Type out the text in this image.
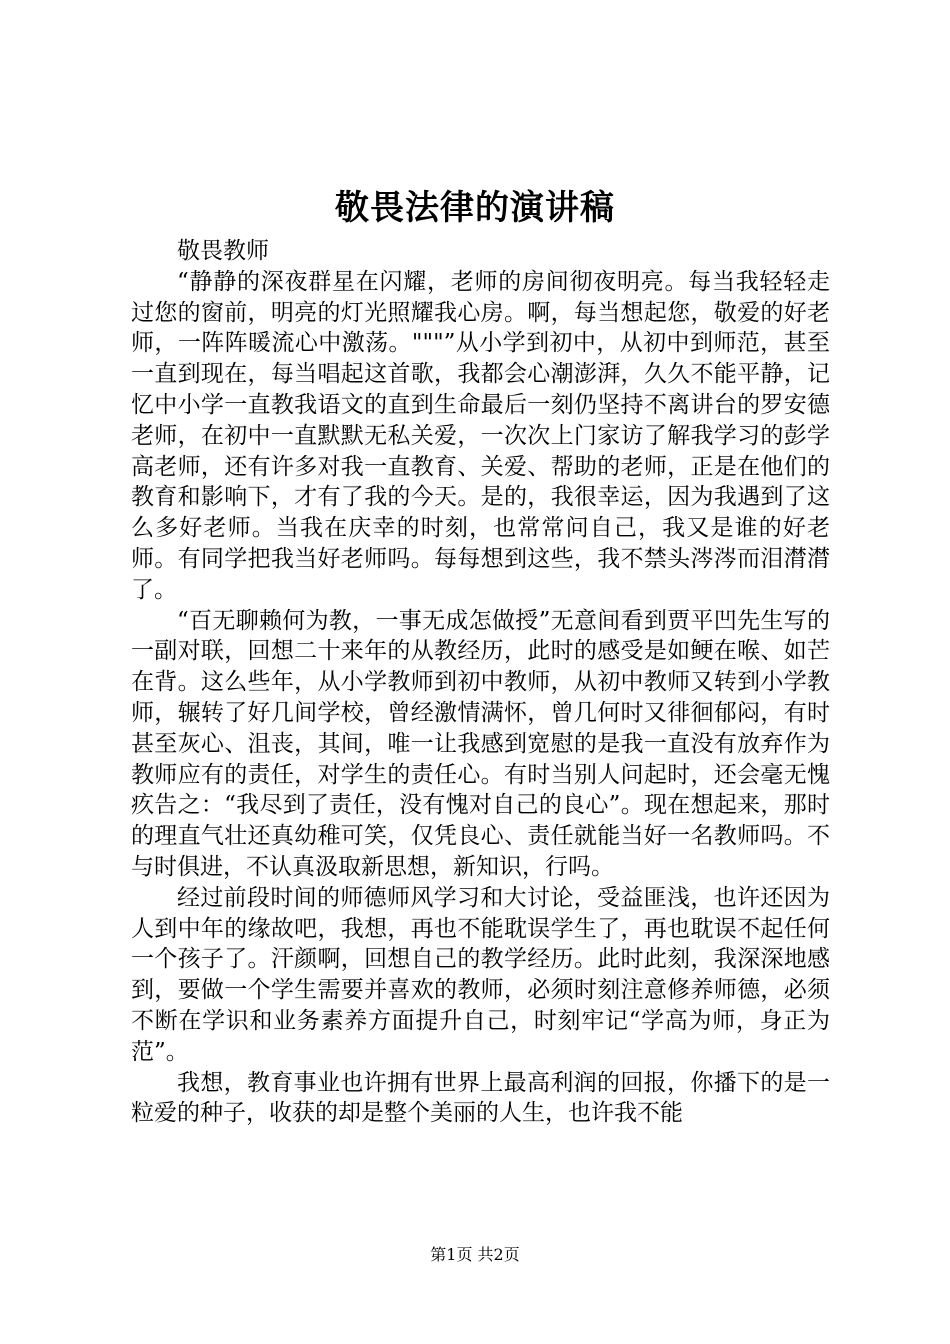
敬畏法律的演讲稿

敬畏教师

“静静的深夜群星在闪耀，老师的房间彻夜明亮。每当我轻轻走过您的窗前，明亮的灯光照耀我心房。啊，每当想起您，敬爱的好老师，一阵阵暖流心中激荡。"""”从小学到初中，从初中到师范，甚至一直到现在，每当唱起这首歌，我都会心潮澎湃，久久不能平静，记忆中小学一直教我语文的直到生命最后一刻仍坚持不离讲台的罗安德老师，在初中一直默默无私关爱，一次次上门家访了解我学习的彭学高老师，还有许多对我一直教育、关爱、帮助的老师，正是在他们的教育和影响下，才有了我的今天。是的，我很幸运，因为我遇到了这么多好老师。当我在庆幸的时刻，也常常问自己，我又是谁的好老师。有同学把我当好老师吗。每每想到这些，我不禁头涔涔而泪潸潸了。

“百无聊赖何为教，一事无成怎做授”无意间看到贾平凹先生写的一副对联，回想二十来年的从教经历，此时的感受是如鲠在喉、如芒在背。这么些年，从小学教师到初中教师，从初中教师又转到小学教师，辗转了好几间学校，曾经激情满怀，曾几何时又徘徊郁闷，有时甚至灰心、沮丧，其间，唯一让我感到宽慰的是我一直没有放弃作为教师应有的责任，对学生的责任心。有时当别人问起时，还会毫无愧疚告之：“我尽到了责任，没有愧对自己的良心”。现在想起来，那时的理直气壮还真幼稚可笑，仅凭良心、责任就能当好一名教师吗。不与时俱进，不认真汲取新思想，新知识，行吗。

经过前段时间的师德师风学习和大讨论，受益匪浅，也许还因为人到中年的缘故吧，我想，再也不能耽误学生了，再也耽误不起任何一个孩子了。汗颜啊，回想自己的教学经历。此时此刻，我深深地感到，要做一个学生需要并喜欢的教师，必须时刻注意修养师德，必须不断在学识和业务素养方面提升自己，时刻牢记“学高为师，身正为范”。

我想，教育事业也许拥有世界上最高利润的回报，你播下的是一粒爱的种子，收获的却是整个美丽的人生，也许我不能

第1页 共2页
